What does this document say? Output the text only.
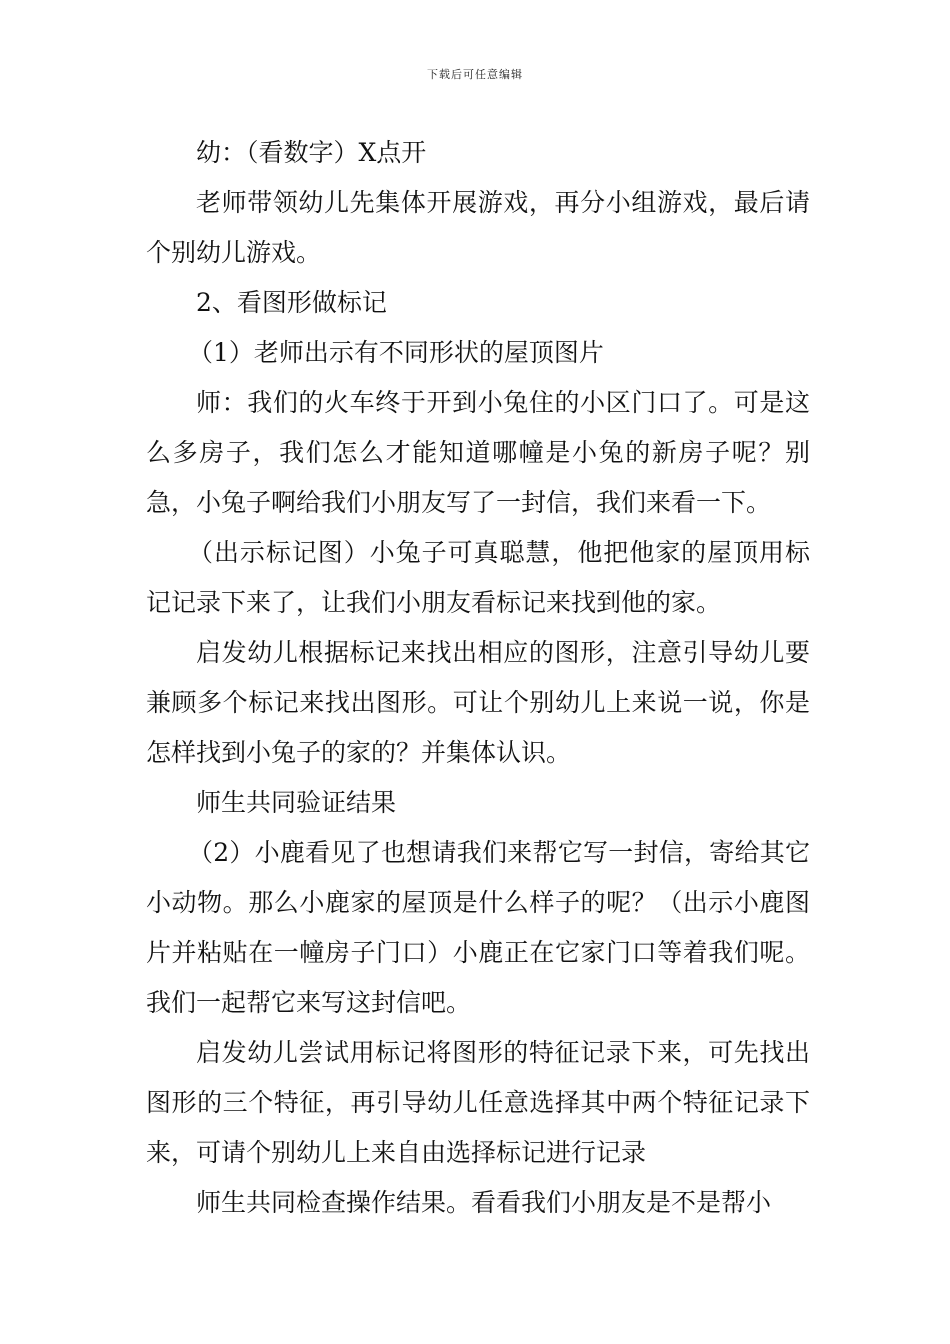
下载后可任意编辑

幼：（看数字）X点开

老师带领幼儿先集体开展游戏，再分小组游戏，最后请个别幼儿游戏。

2、看图形做标记

（1）老师出示有不同形状的屋顶图片

师：我们的火车终于开到小兔住的小区门口了。可是这么多房子，我们怎么才能知道哪幢是小兔的新房子呢？别急，小兔子啊给我们小朋友写了一封信，我们来看一下。

（出示标记图）小兔子可真聪慧，他把他家的屋顶用标记记录下来了，让我们小朋友看标记来找到他的家。

启发幼儿根据标记来找出相应的图形，注意引导幼儿要兼顾多个标记来找出图形。可让个别幼儿上来说一说，你是怎样找到小兔子的家的？并集体认识。

师生共同验证结果

（2）小鹿看见了也想请我们来帮它写一封信，寄给其它小动物。那么小鹿家的屋顶是什么样子的呢？（出示小鹿图片并粘贴在一幢房子门口）小鹿正在它家门口等着我们呢。我们一起帮它来写这封信吧。

启发幼儿尝试用标记将图形的特征记录下来，可先找出图形的三个特征，再引导幼儿任意选择其中两个特征记录下来，可请个别幼儿上来自由选择标记进行记录

师生共同检查操作结果。看看我们小朋友是不是帮小
